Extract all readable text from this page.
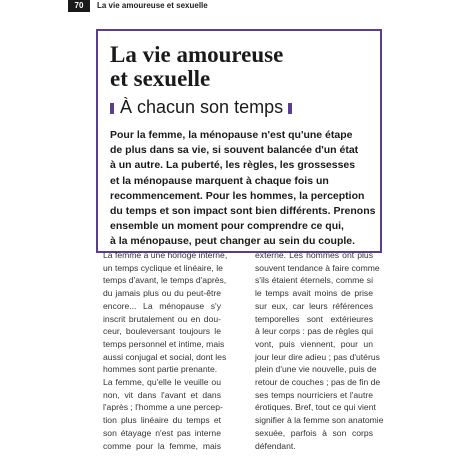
70	La vie amoureuse et sexuelle
La vie amoureuse
et sexuelle
À chacun son temps
Pour la femme, la ménopause n'est qu'une étape
de plus dans sa vie, si souvent balancée d'un état
à un autre. La puberté, les règles, les grossesses
et la ménopause marquent à chaque fois un
recommencement. Pour les hommes, la perception
du temps et son impact sont bien différents. Prenons
ensemble un moment pour comprendre ce qui,
à la ménopause, peut changer au sein du couple.
La femme a une horloge interne,
un temps cyclique et linéaire, le
temps d'avant, le temps d'après,
du jamais plus ou du peut-être
encore... La ménopause s'y
inscrit brutalement ou en dou-
ceur, bouleversant toujours le
temps personnel et intime, mais
aussi conjugal et social, dont les
hommes sont partie prenante.
La femme, qu'elle le veuille ou
non, vit dans l'avant et dans
l'après ; l'homme a une percep-
tion plus linéaire du temps et
son étayage n'est pas interne
comme pour la femme, mais
externe. Les hommes ont plus
souvent tendance à faire comme
s'ils étaient éternels, comme si
le temps avait moins de prise
sur eux, car leurs références
temporelles sont extérieures
à leur corps : pas de règles qui
vont, puis viennent, pour un
jour leur dire adieu ; pas d'utérus
plein d'une vie nouvelle, puis de
retour de couches ; pas de fin de
ses temps nourriciers et l'autre
érotiques. Bref, tout ce qui vient
signifier à la femme son anatomie
sexuée, parfois à son corps
défendant.
